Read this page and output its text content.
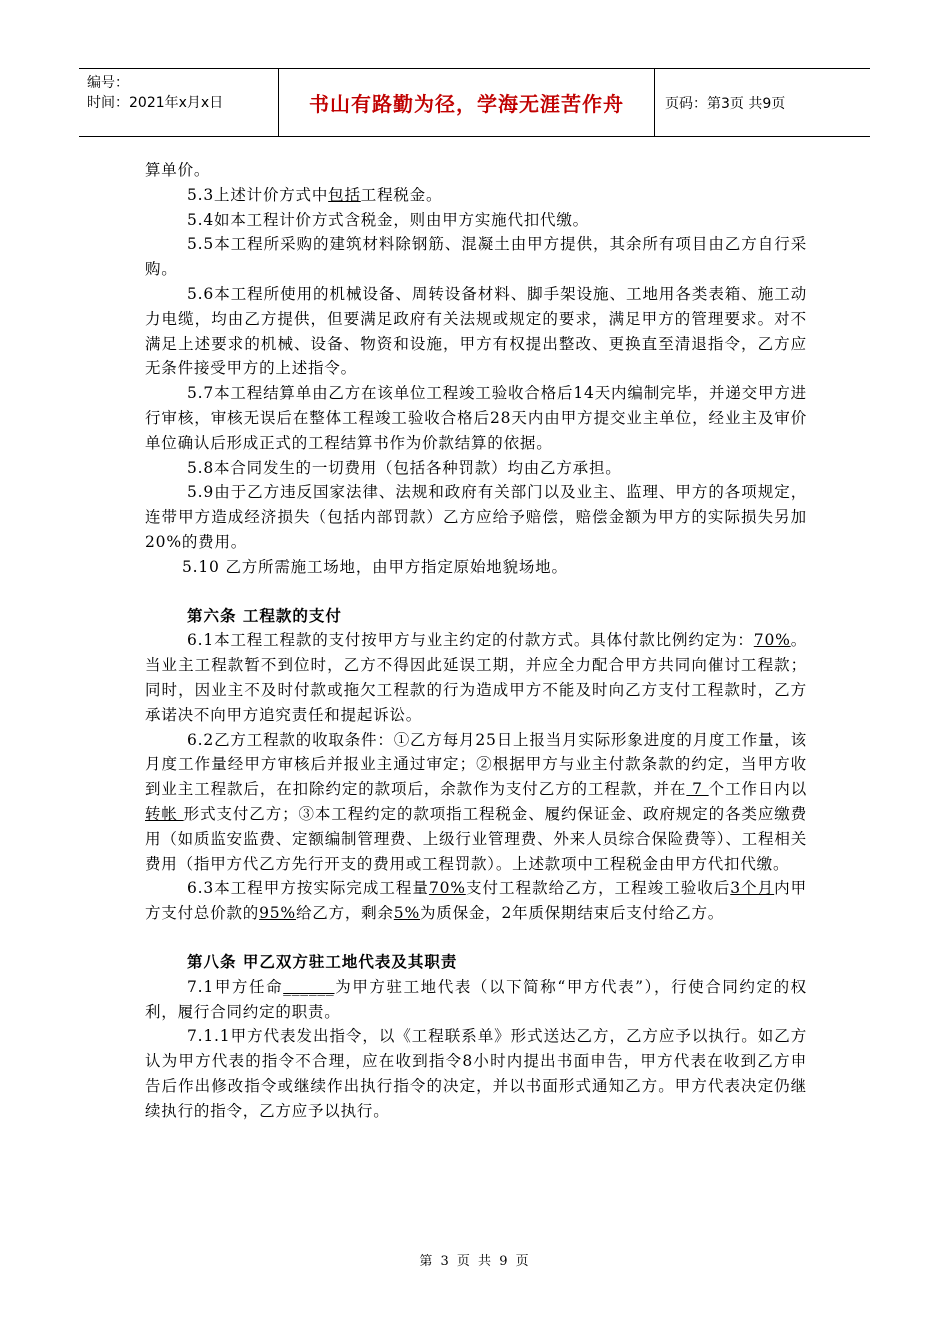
编号：
时间：2021年x月x日	书山有路勤为径，学海无涯苦作舟	页码：第3页 共9页

算单价。

5.3上述计价方式中包括工程税金。

5.4如本工程计价方式含税金，则由甲方实施代扣代缴。

5.5本工程所采购的建筑材料除钢筋、混凝土由甲方提供，其余所有项目由乙方自行采购。

5.6本工程所使用的机械设备、周转设备材料、脚手架设施、工地用各类表箱、施工动力电缆，均由乙方提供，但要满足政府有关法规或规定的要求，满足甲方的管理要求。对不满足上述要求的机械、设备、物资和设施，甲方有权提出整改、更换直至清退指令，乙方应无条件接受甲方的上述指令。

5.7本工程结算单由乙方在该单位工程竣工验收合格后14天内编制完毕，并递交甲方进行审核，审核无误后在整体工程竣工验收合格后28天内由甲方提交业主单位，经业主及审价单位确认后形成正式的工程结算书作为价款结算的依据。

5.8本合同发生的一切费用（包括各种罚款）均由乙方承担。

5.9由于乙方违反国家法律、法规和政府有关部门以及业主、监理、甲方的各项规定，连带甲方造成经济损失（包括内部罚款）乙方应给予赔偿，赔偿金额为甲方的实际损失另加20%的费用。

5.10 乙方所需施工场地，由甲方指定原始地貌场地。

第六条 工程款的支付

6.1本工程工程款的支付按甲方与业主约定的付款方式。具体付款比例约定为：70%。当业主工程款暂不到位时，乙方不得因此延误工期，并应全力配合甲方共同向催讨工程款；同时，因业主不及时付款或拖欠工程款的行为造成甲方不能及时向乙方支付工程款时，乙方承诺决不向甲方追究责任和提起诉讼。

6.2乙方工程款的收取条件：①乙方每月25日上报当月实际形象进度的月度工作量，该月度工作量经甲方审核后并报业主通过审定；②根据甲方与业主付款条款的约定，当甲方收到业主工程款后，在扣除约定的款项后，余款作为支付乙方的工程款，并在 7 个工作日内以 转帐 形式支付乙方；③本工程约定的款项指工程税金、履约保证金、政府规定的各类应缴费用（如质监安监费、定额编制管理费、上级行业管理费、外来人员综合保险费等）、工程相关费用（指甲方代乙方先行开支的费用或工程罚款）。上述款项中工程税金由甲方代扣代缴。

6.3本工程甲方按实际完成工程量70%支付工程款给乙方，工程竣工验收后3个月内甲方支付总价款的95%给乙方，剩余5%为质保金，2年质保期结束后支付给乙方。

第八条 甲乙双方驻工地代表及其职责

7.1甲方任命______为甲方驻工地代表（以下简称“甲方代表”），行使合同约定的权利，履行合同约定的职责。

7.1.1甲方代表发出指令，以《工程联系单》形式送达乙方，乙方应予以执行。如乙方认为甲方代表的指令不合理，应在收到指令8小时内提出书面申告，甲方代表在收到乙方申告后作出修改指令或继续作出执行指令的决定，并以书面形式通知乙方。甲方代表决定仍继续执行的指令，乙方应予以执行。

第 3 页 共 9 页
